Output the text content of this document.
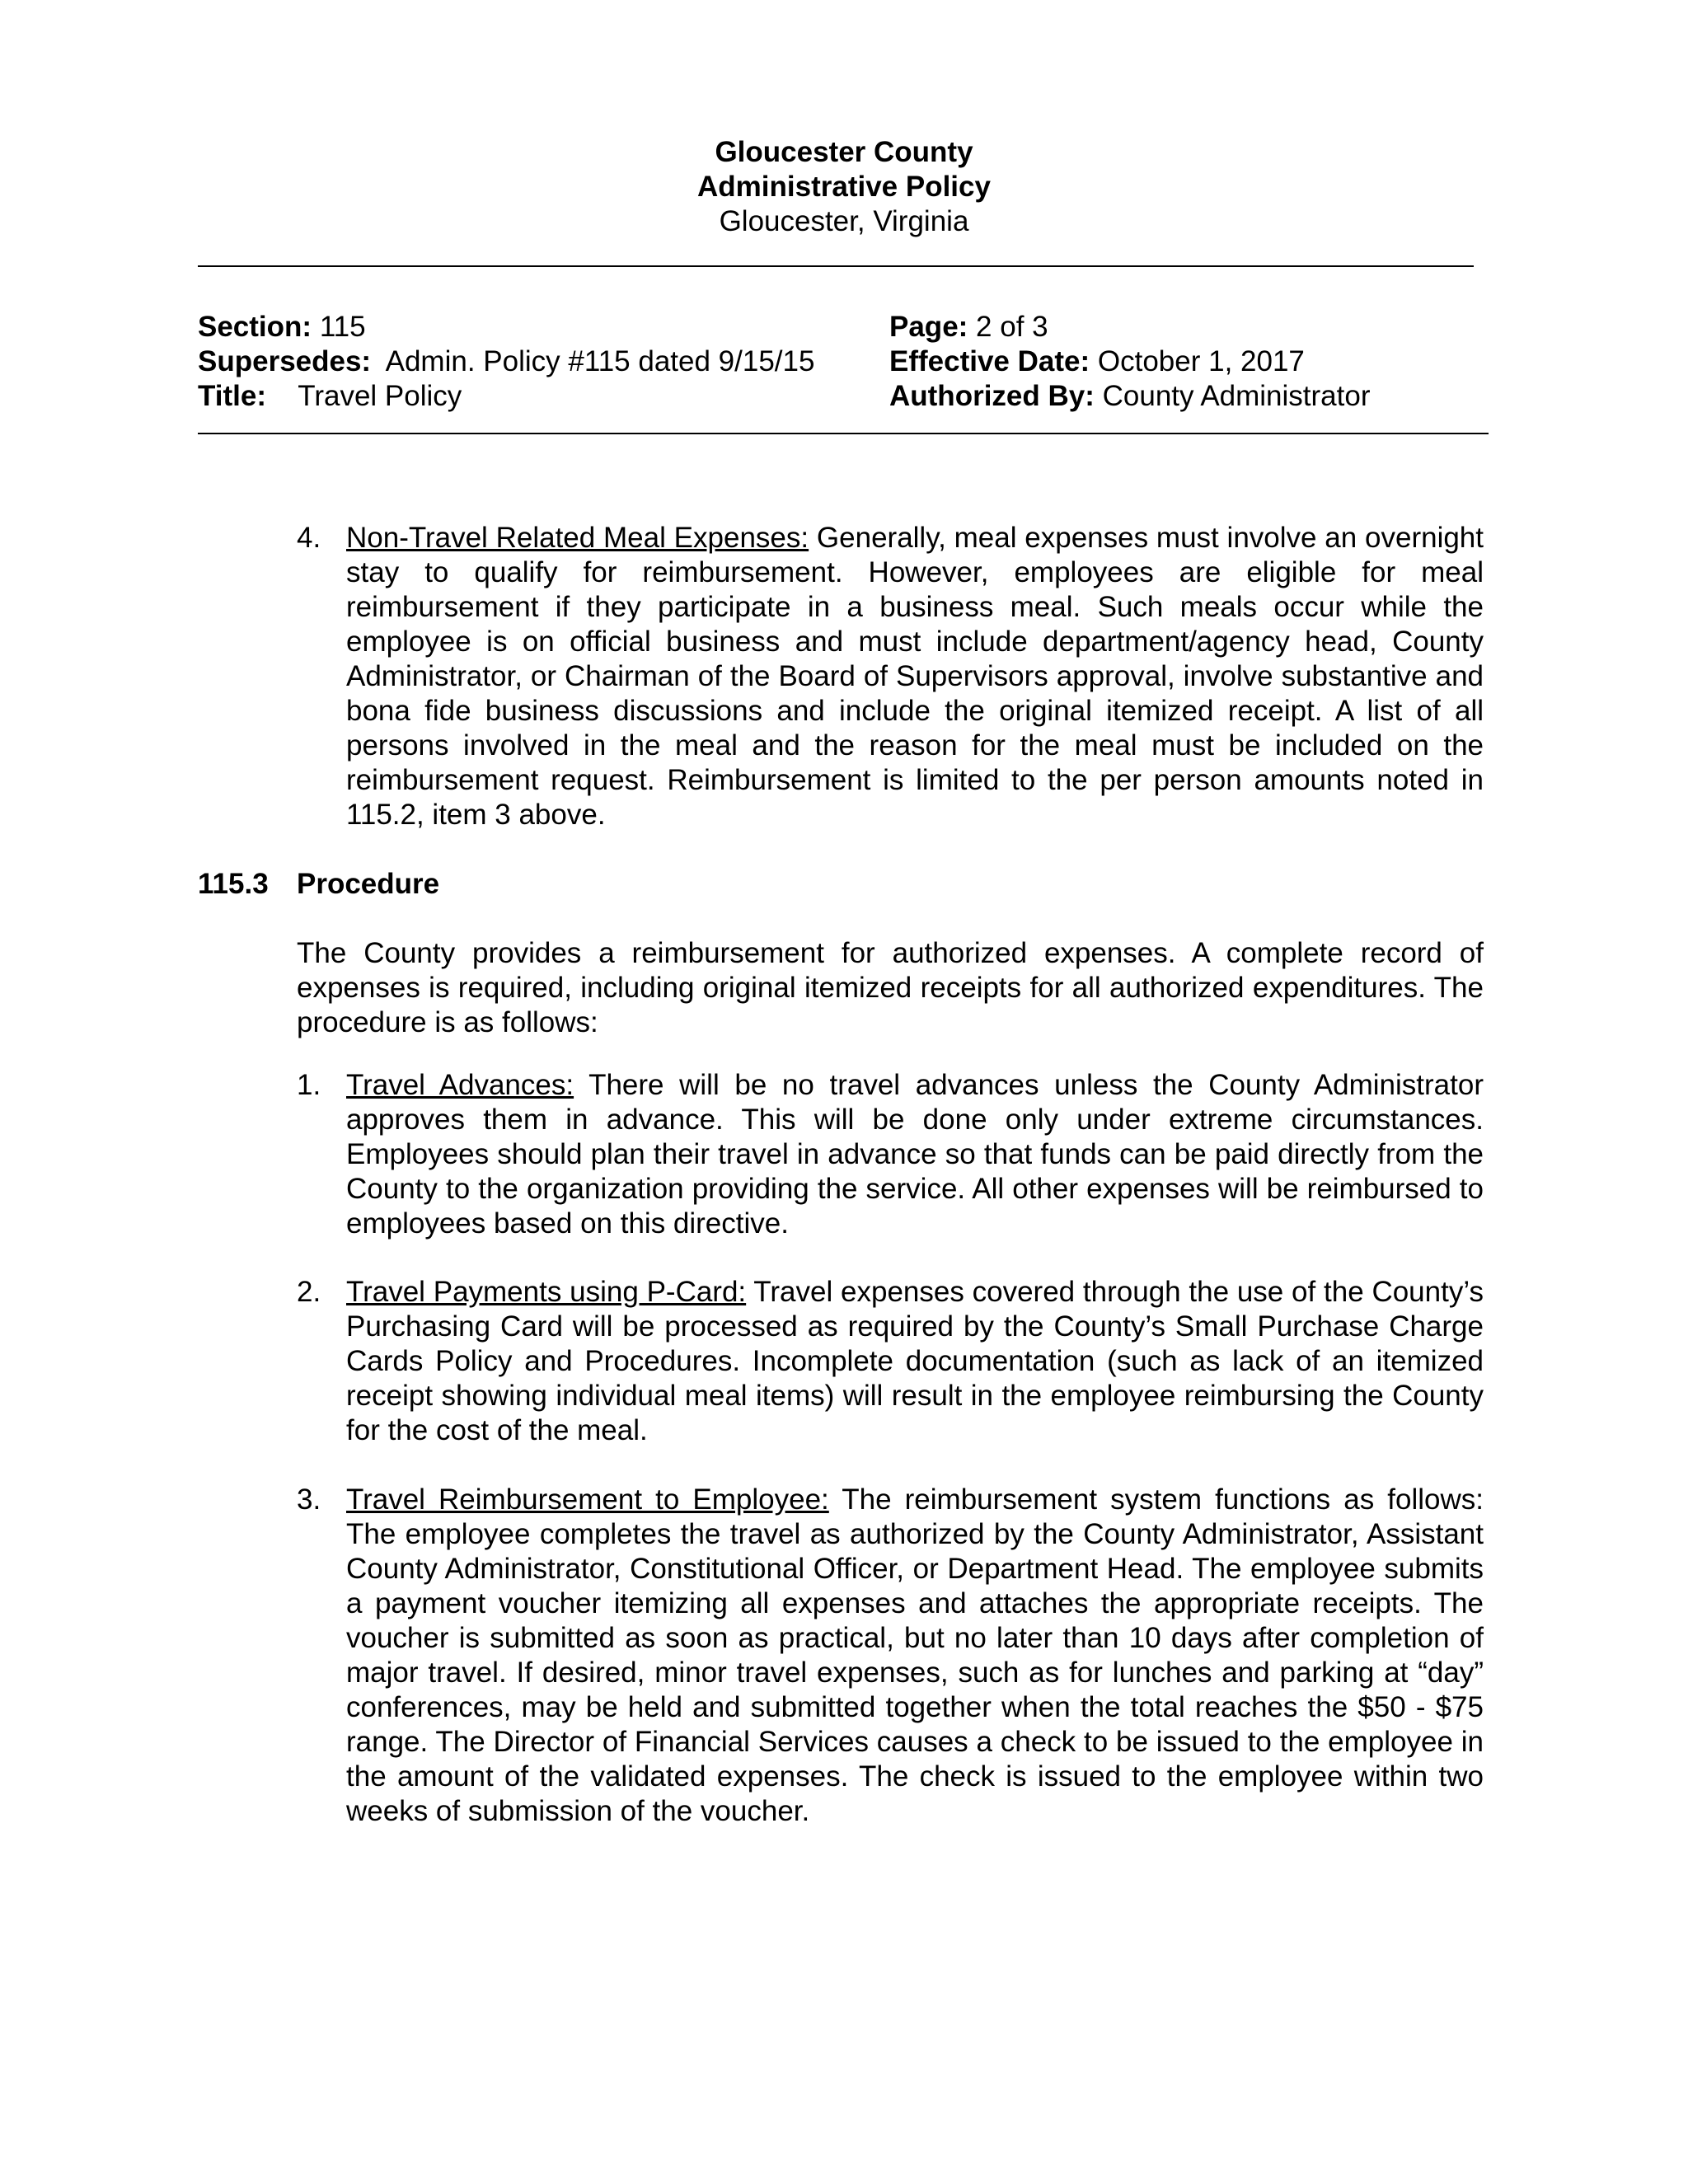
Gloucester County
Administrative Policy
Gloucester, Virginia
Section: 115
Supersedes: Admin. Policy #115 dated 9/15/15
Title: Travel Policy
Page: 2 of 3
Effective Date: October 1, 2017
Authorized By: County Administrator
4. Non-Travel Related Meal Expenses: Generally, meal expenses must involve an overnight stay to qualify for reimbursement. However, employees are eligible for meal reimbursement if they participate in a business meal. Such meals occur while the employee is on official business and must include department/agency head, County Administrator, or Chairman of the Board of Supervisors approval, involve substantive and bona fide business discussions and include the original itemized receipt. A list of all persons involved in the meal and the reason for the meal must be included on the reimbursement request. Reimbursement is limited to the per person amounts noted in 115.2, item 3 above.
115.3 Procedure
The County provides a reimbursement for authorized expenses. A complete record of expenses is required, including original itemized receipts for all authorized expenditures. The procedure is as follows:
1. Travel Advances: There will be no travel advances unless the County Administrator approves them in advance. This will be done only under extreme circumstances. Employees should plan their travel in advance so that funds can be paid directly from the County to the organization providing the service. All other expenses will be reimbursed to employees based on this directive.
2. Travel Payments using P-Card: Travel expenses covered through the use of the County’s Purchasing Card will be processed as required by the County’s Small Purchase Charge Cards Policy and Procedures. Incomplete documentation (such as lack of an itemized receipt showing individual meal items) will result in the employee reimbursing the County for the cost of the meal.
3. Travel Reimbursement to Employee: The reimbursement system functions as follows: The employee completes the travel as authorized by the County Administrator, Assistant County Administrator, Constitutional Officer, or Department Head. The employee submits a payment voucher itemizing all expenses and attaches the appropriate receipts. The voucher is submitted as soon as practical, but no later than 10 days after completion of major travel. If desired, minor travel expenses, such as for lunches and parking at “day” conferences, may be held and submitted together when the total reaches the $50 - $75 range. The Director of Financial Services causes a check to be issued to the employee in the amount of the validated expenses. The check is issued to the employee within two weeks of submission of the voucher.
